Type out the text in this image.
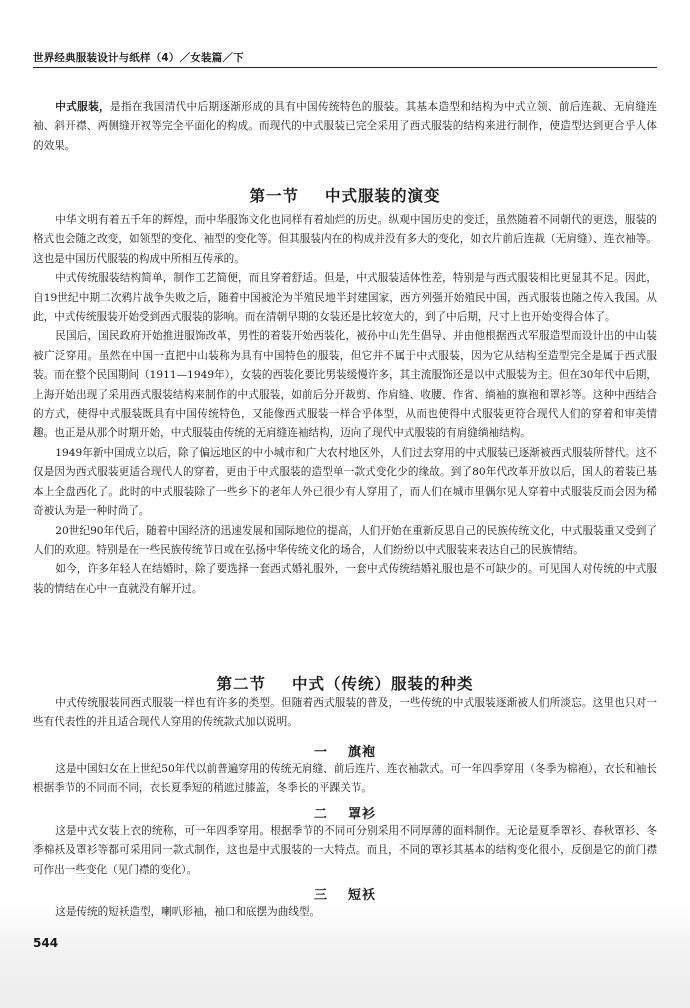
世界经典服装设计与纸样（4）／女装篇／下

中式服装，是指在我国清代中后期逐渐形成的具有中国传统特色的服装。其基本造型和结构为中式立领、前后连裁、无肩缝连袖、斜开襟、两侧缝开衩等完全平面化的构成。而现代的中式服装已完全采用了西式服装的结构来进行制作，使造型达到更合乎人体的效果。

第一节 中式服装的演变

中华文明有着五千年的辉煌，而中华服饰文化也同样有着灿烂的历史。纵观中国历史的变迁，虽然随着不同朝代的更迭，服装的格式也会随之改变，如领型的变化、袖型的变化等。但其服装内在的构成并没有多大的变化，如衣片前后连裁（无肩缝）、连衣袖等。这也是中国历代服装的构成中所相互传承的。

中式传统服装结构简单，制作工艺简便，而且穿着舒适。但是，中式服装适体性差，特别是与西式服装相比更显其不足。因此，自19世纪中期二次鸦片战争失败之后，随着中国被沦为半殖民地半封建国家，西方列强开始殖民中国，西式服装也随之传入我国。从此，中式传统服装开始受到西式服装的影响。而在清朝早期的女装还是比较宽大的，到了中后期，尺寸上也开始变得合体了。

民国后，国民政府开始推进服饰改革，男性的着装开始西装化，被孙中山先生倡导、并由他根据西式军服造型而设计出的中山装被广泛穿用。虽然在中国一直把中山装称为具有中国特色的服装，但它并不属于中式服装，因为它从结构至造型完全是属于西式服装。而在整个民国期间（1911—1949年），女装的西装化要比男装缓慢许多，其主流服饰还是以中式服装为主。但在30年代中后期，上海开始出现了采用西式服装结构来制作的中式服装，如前后分开裁剪、作肩缝、收腰、作省、绱袖的旗袍和罩衫等。这种中西结合的方式，使得中式服装既具有中国传统特色，又能像西式服装一样合乎体型，从而也使得中式服装更符合现代人们的穿着和审美情趣。也正是从那个时期开始，中式服装由传统的无肩缝连袖结构，迈向了现代中式服装的有肩缝绱袖结构。

1949年新中国成立以后，除了偏远地区的中小城市和广大农村地区外，人们过去穿用的中式服装已逐渐被西式服装所替代。这不仅是因为西式服装更适合现代人的穿着，更由于中式服装的造型单一款式变化少的缘故。到了80年代改革开放以后，国人的着装已基本上全盘西化了。此时的中式服装除了一些乡下的老年人外已很少有人穿用了，而人们在城市里偶尔见人穿着中式服装反而会因为稀奇被认为是一种时尚了。

20世纪90年代后，随着中国经济的迅速发展和国际地位的提高，人们开始在重新反思自己的民族传统文化，中式服装重又受到了人们的欢迎。特别是在一些民族传统节日或在弘扬中华传统文化的场合，人们纷纷以中式服装来表达自己的民族情结。

如今，许多年轻人在结婚时，除了要选择一套西式婚礼服外，一套中式传统结婚礼服也是不可缺少的。可见国人对传统的中式服装的情结在心中一直就没有解开过。

第二节 中式（传统）服装的种类

中式传统服装同西式服装一样也有许多的类型。但随着西式服装的普及，一些传统的中式服装逐渐被人们所淡忘。这里也只对一些有代表性的并且适合现代人穿用的传统款式加以说明。

一 旗袍

这是中国妇女在上世纪50年代以前普遍穿用的传统无肩缝、前后连片、连衣袖款式。可一年四季穿用（冬季为棉袍），衣长和袖长根据季节的不同而不同，衣长夏季短的稍遮过膝盖，冬季长的平踝关节。

二 罩衫

这是中式女装上衣的统称，可一年四季穿用。根据季节的不同可分别采用不同厚薄的面料制作。无论是夏季罩衫、春秋罩衫、冬季棉袄及罩衫等都可采用同一款式制作，这也是中式服装的一大特点。而且，不同的罩衫其基本的结构变化很小，反倒是它的前门襟可作出一些变化（见门襟的变化）。

三 短袄

这是传统的短袄造型，喇叭形袖，袖口和底摆为曲线型。

544
